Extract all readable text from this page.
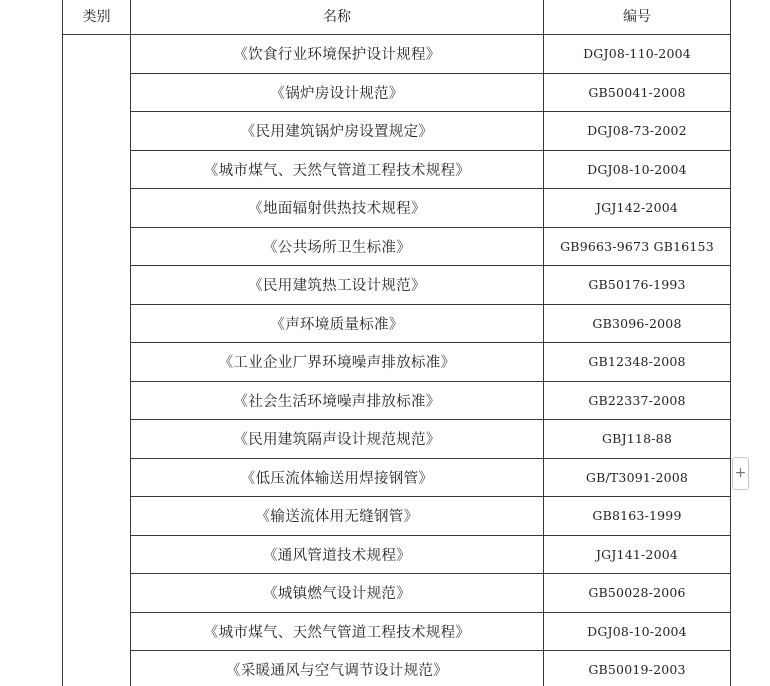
类别	名称	编号
	《饮食行业环境保护设计规程》	DGJ08-110-2004
	《锅炉房设计规范》	GB50041-2008
	《民用建筑锅炉房设置规定》	DGJ08-73-2002
	《城市煤气、天然气管道工程技术规程》	DGJ08-10-2004
	《地面辐射供热技术规程》	JGJ142-2004
	《公共场所卫生标准》	GB9663-9673 GB16153
	《民用建筑热工设计规范》	GB50176-1993
	《声环境质量标准》	GB3096-2008
	《工业企业厂界环境噪声排放标准》	GB12348-2008
	《社会生活环境噪声排放标准》	GB22337-2008
	《民用建筑隔声设计规范规范》	GBJ118-88
	《低压流体输送用焊接钢管》	GB/T3091-2008
	《输送流体用无缝钢管》	GB8163-1999
	《通风管道技术规程》	JGJ141-2004
	《城镇燃气设计规范》	GB50028-2006
	《城市煤气、天然气管道工程技术规程》	DGJ08-10-2004
	《采暖通风与空气调节设计规范》	GB50019-2003
+
